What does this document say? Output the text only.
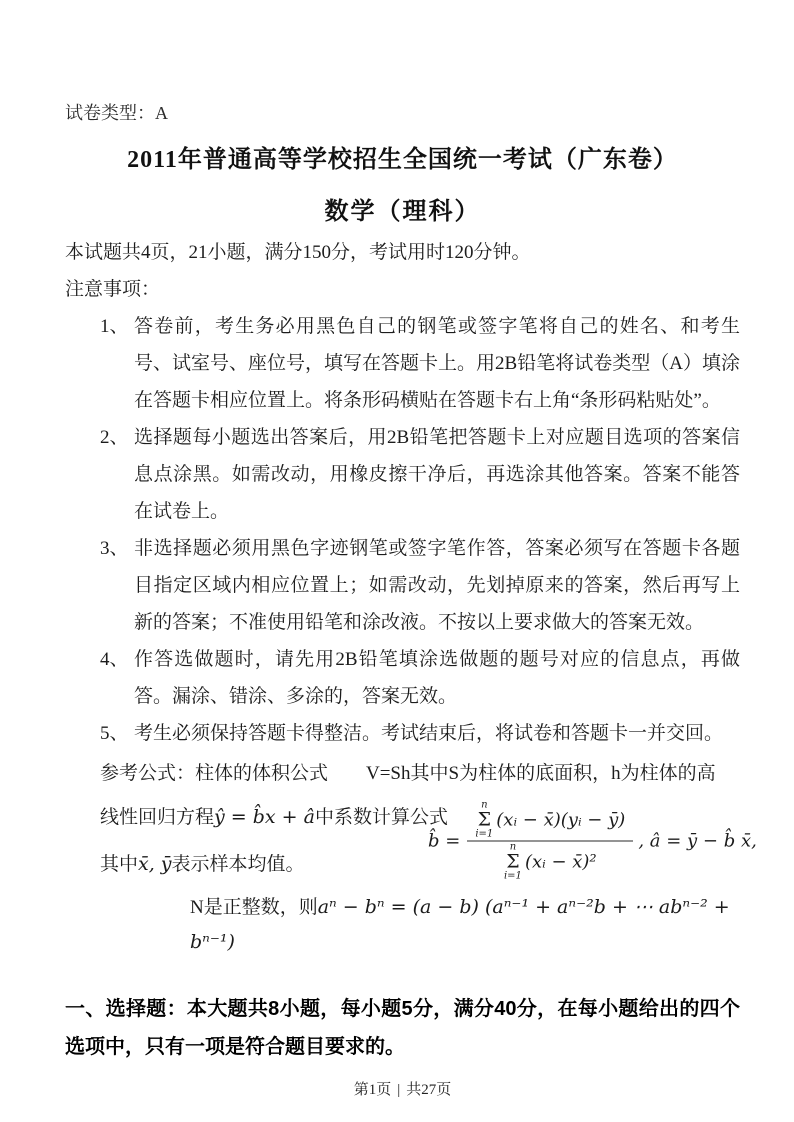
试卷类型：A
2011年普通高等学校招生全国统一考试（广东卷）
数学（理科）
本试题共4页，21小题，满分150分，考试用时120分钟。
注意事项：
1、 答卷前，考生务必用黑色自己的钢笔或签字笔将自己的姓名、和考生号、试室号、座位号，填写在答题卡上。用2B铅笔将试卷类型（A）填涂在答题卡相应位置上。将条形码横贴在答题卡右上角“条形码粘贴处”。
2、 选择题每小题选出答案后，用2B铅笔把答题卡上对应题目选项的答案信息点涂黑。如需改动，用橡皮擦干净后，再选涂其他答案。答案不能答在试卷上。
3、 非选择题必须用黑色字迹钢笔或签字笔作答，答案必须写在答题卡各题目指定区域内相应位置上；如需改动，先划掉原来的答案，然后再写上新的答案；不准使用铅笔和涂改液。不按以上要求做大的答案无效。
4、 作答选做题时，请先用2B铅笔填涂选做题的题号对应的信息点，再做答。漏涂、错涂、多涂的，答案无效。
5、 考生必须保持答题卡得整洁。考试结束后，将试卷和答题卡一并交回。
参考公式：柱体的体积公式　　V=Sh其中S为柱体的底面积，h为柱体的高
线性回归方程ŷ = b̂x + â中系数计算公式
其中x̄, ȳ表示样本均值。
b̂ =
n
Σ
i=1
(xᵢ − x̄)(yᵢ − ȳ)
n
Σ
i=1
(xᵢ − x̄)²
, â = ȳ − b̂ x̄,
N是正整数，则aⁿ − bⁿ = (a − b) (aⁿ⁻¹ + aⁿ⁻²b + ⋯ abⁿ⁻² + bⁿ⁻¹)
一、选择题：本大题共8小题，每小题5分，满分40分，在每小题给出的四个选项中，只有一项是符合题目要求的。
第1页 | 共27页
